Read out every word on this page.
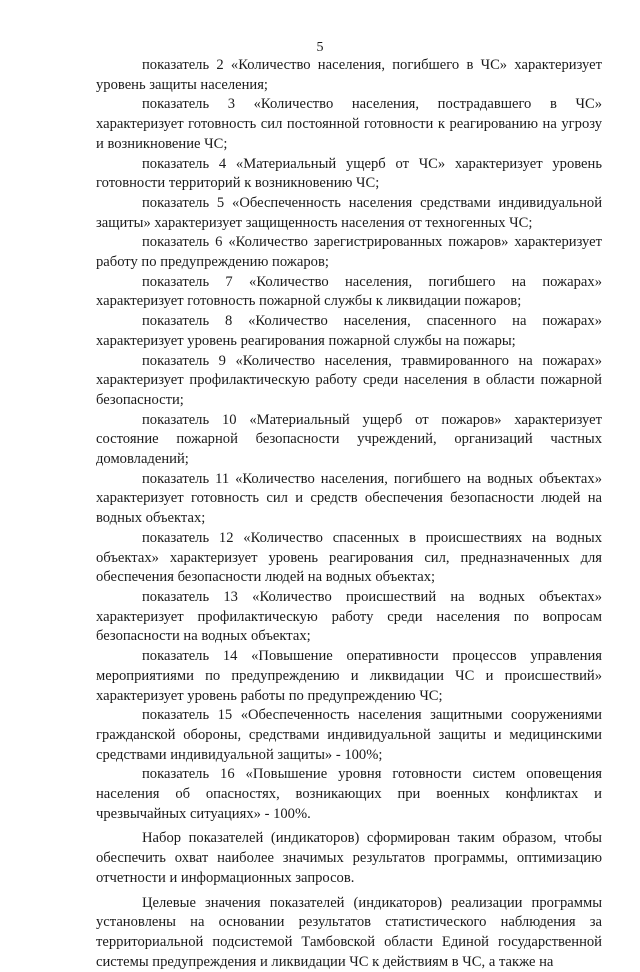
5

показатель 2 «Количество населения, погибшего в ЧС» характеризует уровень защиты населения;

показатель 3 «Количество населения, пострадавшего в ЧС» характеризует готовность сил постоянной готовности к реагированию на угрозу и возникновение ЧС;

показатель 4 «Материальный ущерб от ЧС» характеризует уровень готовности территорий к возникновению ЧС;

показатель 5 «Обеспеченность населения средствами индивидуальной защиты» характеризует защищенность населения от техногенных ЧС;

показатель 6 «Количество зарегистрированных пожаров» характеризует работу по предупреждению пожаров;

показатель 7 «Количество населения, погибшего на пожарах» характеризует готовность пожарной службы к ликвидации пожаров;

показатель 8 «Количество населения, спасенного на пожарах» характеризует уровень реагирования пожарной службы на пожары;

показатель 9 «Количество населения, травмированного на пожарах» характеризует профилактическую работу среди населения в области пожарной безопасности;

показатель 10 «Материальный ущерб от пожаров» характеризует состояние пожарной безопасности учреждений, организаций частных домовладений;

показатель 11 «Количество населения, погибшего на водных объектах» характеризует готовность сил и средств обеспечения безопасности людей на водных объектах;

показатель 12 «Количество спасенных в происшествиях на водных объектах» характеризует уровень реагирования сил, предназначенных для обеспечения безопасности людей на водных объектах;

показатель 13 «Количество происшествий на водных объектах» характеризует профилактическую работу среди населения по вопросам безопасности на водных объектах;

показатель 14 «Повышение оперативности процессов управления мероприятиями по предупреждению и ликвидации ЧС и происшествий» характеризует уровень работы по предупреждению ЧС;

показатель 15 «Обеспеченность населения защитными сооружениями гражданской обороны, средствами индивидуальной защиты и медицинскими средствами индивидуальной защиты» - 100%;

показатель 16 «Повышение уровня готовности систем оповещения населения об опасностях, возникающих при военных конфликтах и чрезвычайных ситуациях» - 100%.

Набор показателей (индикаторов) сформирован таким образом, чтобы обеспечить охват наиболее значимых результатов программы, оптимизацию отчетности и информационных запросов.

Целевые значения показателей (индикаторов) реализации программы установлены на основании результатов статистического наблюдения за территориальной подсистемой Тамбовской области Единой государственной системы предупреждения и ликвидации ЧС к действиям в ЧС, а также на
